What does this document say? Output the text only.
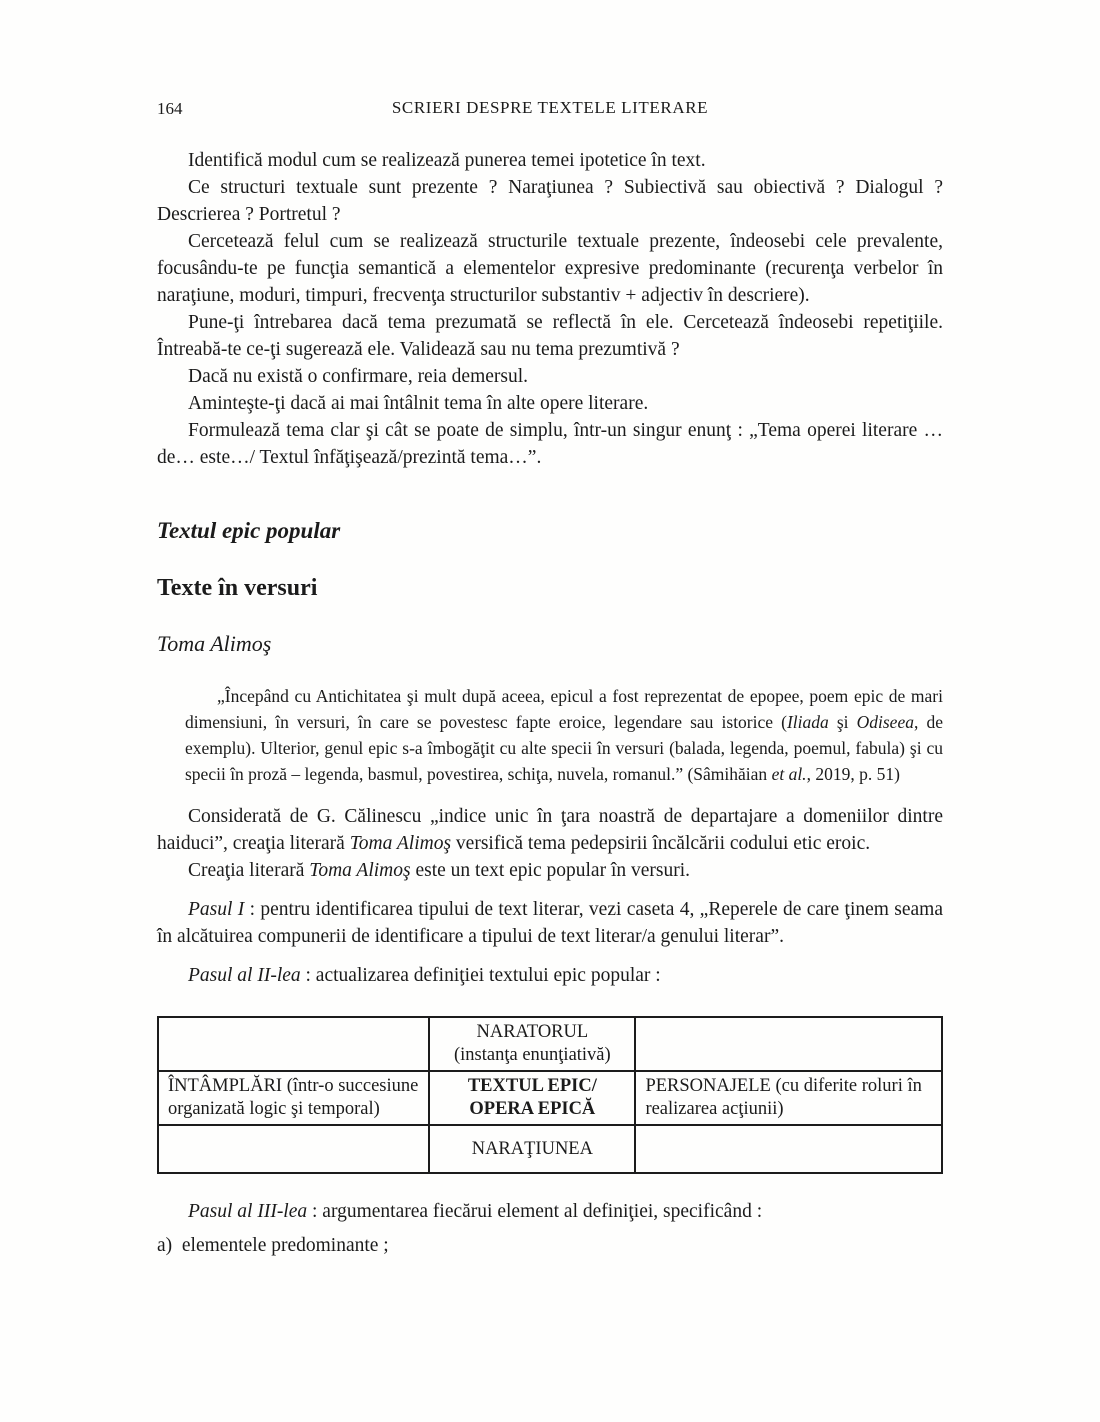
164	SCRIERI DESPRE TEXTELE LITERARE

Identifică modul cum se realizează punerea temei ipotetice în text.

Ce structuri textuale sunt prezente ? Naraţiunea ? Subiectivă sau obiectivă ? Dialogul ? Descrierea ? Portretul ?

Cercetează felul cum se realizează structurile textuale prezente, îndeosebi cele prevalente, focusându-te pe funcţia semantică a elementelor expresive predominante (recurenţa verbelor în naraţiune, moduri, timpuri, frecvenţa structurilor substantiv + adjectiv în descriere).

Pune-ţi întrebarea dacă tema prezumată se reflectă în ele. Cercetează îndeosebi repetiţiile. Întreabă-te ce-ţi sugerează ele. Validează sau nu tema prezumtivă ?

Dacă nu există o confirmare, reia demersul.

Aminteşte-ţi dacă ai mai întâlnit tema în alte opere literare.

Formulează tema clar şi cât se poate de simplu, într-un singur enunţ : „Tema operei literare … de… este…/ Textul înfăţişează/prezintă tema…”.

Textul epic popular
Texte în versuri
Toma Alimoş

„Începând cu Antichitatea şi mult după aceea, epicul a fost reprezentat de epopee, poem epic de mari dimensiuni, în versuri, în care se povestesc fapte eroice, legendare sau istorice (Iliada şi Odiseea, de exemplu). Ulterior, genul epic s-a îmbogăţit cu alte specii în versuri (balada, legenda, poemul, fabula) şi cu specii în proză – legenda, basmul, povestirea, schiţa, nuvela, romanul.” (Sâmihăian et al., 2019, p. 51)

Considerată de G. Călinescu „indice unic în ţara noastră de departajare a domeniilor dintre haiduci”, creaţia literară Toma Alimoş versifică tema pedepsirii încălcării codului etic eroic.

Creaţia literară Toma Alimoş este un text epic popular în versuri.

Pasul I : pentru identificarea tipului de text literar, vezi caseta 4, „Reperele de care ţinem seama în alcătuirea compunerii de identificare a tipului de text literar/a genului literar”.

Pasul al II-lea : actualizarea definiţiei textului epic popular :

	NARATORUL
(instanţa enunţiativă)	

ÎNTÂMPLĂRI (într-o succesiune organizată logic şi temporal)	TEXTUL EPIC/
OPERA EPICĂ	PERSONAJELE (cu diferite roluri în realizarea acţiunii)
	NARAŢIUNEA	

Pasul al III-lea : argumentarea fiecărui element al definiţiei, specificând :

a)  elementele predominante ;
